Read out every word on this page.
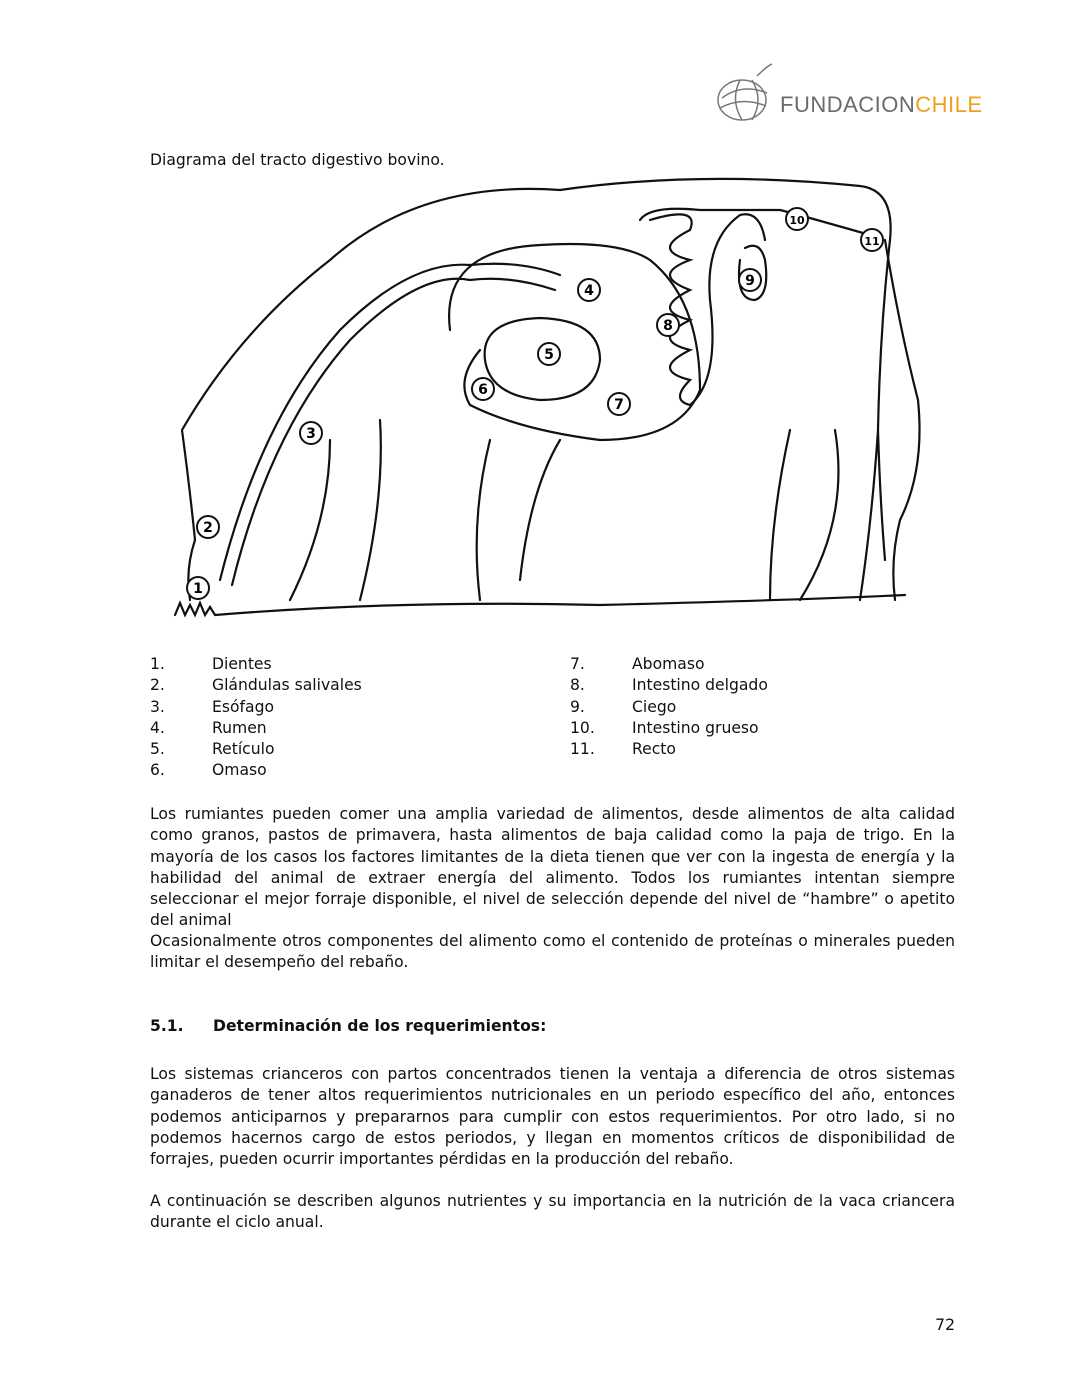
FUNDACIONCHILE
Diagrama del tracto digestivo bovino.
1
2
3
4
5
6
7
8
9
10
11
1.	Dientes
2.	Glándulas salivales
3.	Esófago
4.	Rumen
5.	Retículo
6.	Omaso
7.	Abomaso
8.	Intestino delgado
9.	Ciego
10.	Intestino grueso
11.	Recto
Los rumiantes pueden comer una amplia variedad de alimentos, desde alimentos de alta calidad como granos, pastos de primavera, hasta alimentos de baja calidad como la paja de trigo. En la mayoría de los casos los factores limitantes de la dieta tienen que ver con la ingesta de energía y la habilidad del animal de extraer energía del alimento. Todos los rumiantes intentan siempre seleccionar el mejor forraje disponible, el nivel de selección depende del nivel de “hambre” o apetito del animal
Ocasionalmente otros componentes del alimento como el contenido de proteínas o minerales pueden limitar el desempeño del rebaño.
5.1.	Determinación de los requerimientos:
Los sistemas crianceros con partos concentrados tienen la ventaja a diferencia de otros sistemas ganaderos de tener altos requerimientos nutricionales en un periodo específico del año, entonces podemos anticiparnos y prepararnos para cumplir con estos requerimientos. Por otro lado, si no podemos hacernos cargo de estos periodos, y llegan en momentos críticos de disponibilidad de forrajes, pueden ocurrir importantes pérdidas en la producción del rebaño.
A continuación se describen algunos nutrientes y su importancia en la nutrición de la vaca criancera durante el ciclo anual.
72
